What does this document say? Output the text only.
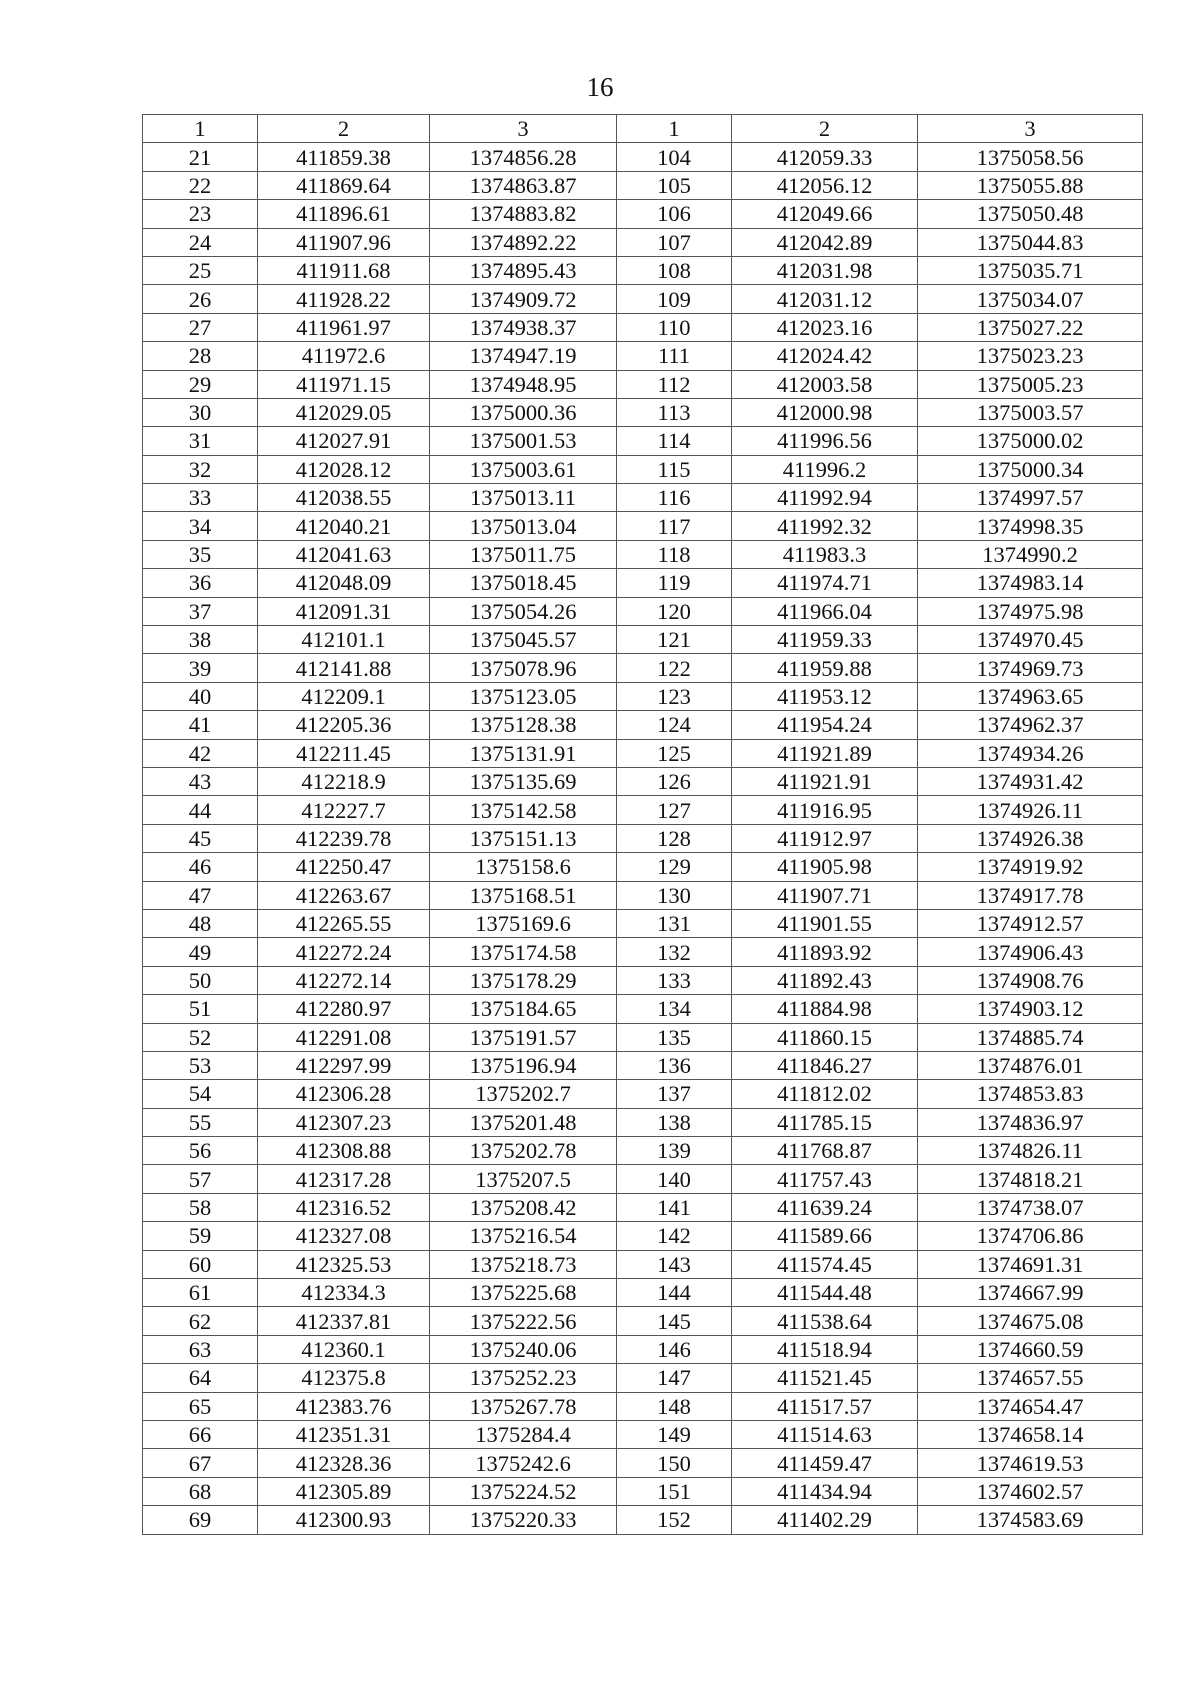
16
1	2	3	1	2	3
21	411859.38	1374856.28	104	412059.33	1375058.56
22	411869.64	1374863.87	105	412056.12	1375055.88
23	411896.61	1374883.82	106	412049.66	1375050.48
24	411907.96	1374892.22	107	412042.89	1375044.83
25	411911.68	1374895.43	108	412031.98	1375035.71
26	411928.22	1374909.72	109	412031.12	1375034.07
27	411961.97	1374938.37	110	412023.16	1375027.22
28	411972.6	1374947.19	111	412024.42	1375023.23
29	411971.15	1374948.95	112	412003.58	1375005.23
30	412029.05	1375000.36	113	412000.98	1375003.57
31	412027.91	1375001.53	114	411996.56	1375000.02
32	412028.12	1375003.61	115	411996.2	1375000.34
33	412038.55	1375013.11	116	411992.94	1374997.57
34	412040.21	1375013.04	117	411992.32	1374998.35
35	412041.63	1375011.75	118	411983.3	1374990.2
36	412048.09	1375018.45	119	411974.71	1374983.14
37	412091.31	1375054.26	120	411966.04	1374975.98
38	412101.1	1375045.57	121	411959.33	1374970.45
39	412141.88	1375078.96	122	411959.88	1374969.73
40	412209.1	1375123.05	123	411953.12	1374963.65
41	412205.36	1375128.38	124	411954.24	1374962.37
42	412211.45	1375131.91	125	411921.89	1374934.26
43	412218.9	1375135.69	126	411921.91	1374931.42
44	412227.7	1375142.58	127	411916.95	1374926.11
45	412239.78	1375151.13	128	411912.97	1374926.38
46	412250.47	1375158.6	129	411905.98	1374919.92
47	412263.67	1375168.51	130	411907.71	1374917.78
48	412265.55	1375169.6	131	411901.55	1374912.57
49	412272.24	1375174.58	132	411893.92	1374906.43
50	412272.14	1375178.29	133	411892.43	1374908.76
51	412280.97	1375184.65	134	411884.98	1374903.12
52	412291.08	1375191.57	135	411860.15	1374885.74
53	412297.99	1375196.94	136	411846.27	1374876.01
54	412306.28	1375202.7	137	411812.02	1374853.83
55	412307.23	1375201.48	138	411785.15	1374836.97
56	412308.88	1375202.78	139	411768.87	1374826.11
57	412317.28	1375207.5	140	411757.43	1374818.21
58	412316.52	1375208.42	141	411639.24	1374738.07
59	412327.08	1375216.54	142	411589.66	1374706.86
60	412325.53	1375218.73	143	411574.45	1374691.31
61	412334.3	1375225.68	144	411544.48	1374667.99
62	412337.81	1375222.56	145	411538.64	1374675.08
63	412360.1	1375240.06	146	411518.94	1374660.59
64	412375.8	1375252.23	147	411521.45	1374657.55
65	412383.76	1375267.78	148	411517.57	1374654.47
66	412351.31	1375284.4	149	411514.63	1374658.14
67	412328.36	1375242.6	150	411459.47	1374619.53
68	412305.89	1375224.52	151	411434.94	1374602.57
69	412300.93	1375220.33	152	411402.29	1374583.69
